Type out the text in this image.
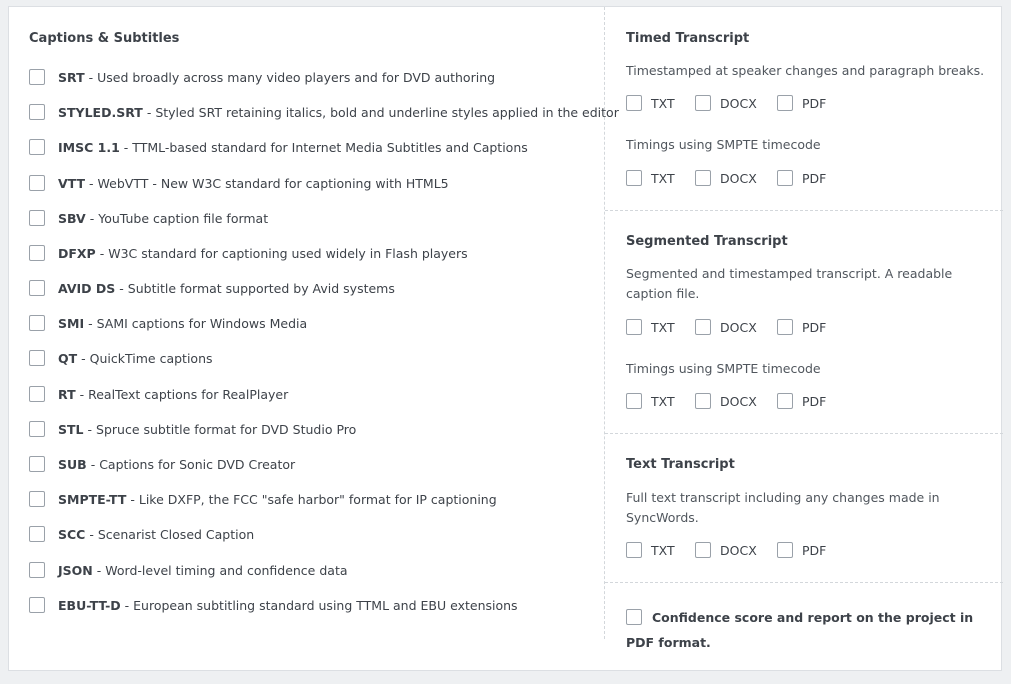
Captions & Subtitles
SRT - Used broadly across many video players and for DVD authoring
STYLED.SRT - Styled SRT retaining italics, bold and underline styles applied in the editor
IMSC 1.1 - TTML-based standard for Internet Media Subtitles and Captions
VTT - WebVTT - New W3C standard for captioning with HTML5
SBV - YouTube caption file format
DFXP - W3C standard for captioning used widely in Flash players
AVID DS - Subtitle format supported by Avid systems
SMI - SAMI captions for Windows Media
QT - QuickTime captions
RT - RealText captions for RealPlayer
STL - Spruce subtitle format for DVD Studio Pro
SUB - Captions for Sonic DVD Creator
SMPTE-TT - Like DXFP, the FCC "safe harbor" format for IP captioning
SCC - Scenarist Closed Caption
JSON - Word-level timing and confidence data
EBU-TT-D - European subtitling standard using TTML and EBU extensions
Timed Transcript
Timestamped at speaker changes and paragraph breaks.
TXT	DOCX	PDF
Timings using SMPTE timecode
TXT	DOCX	PDF
Segmented Transcript
Segmented and timestamped transcript. A readable caption file.
TXT	DOCX	PDF
Timings using SMPTE timecode
TXT	DOCX	PDF
Text Transcript
Full text transcript including any changes made in SyncWords.
TXT	DOCX	PDF
Confidence score and report on the project in PDF format.
